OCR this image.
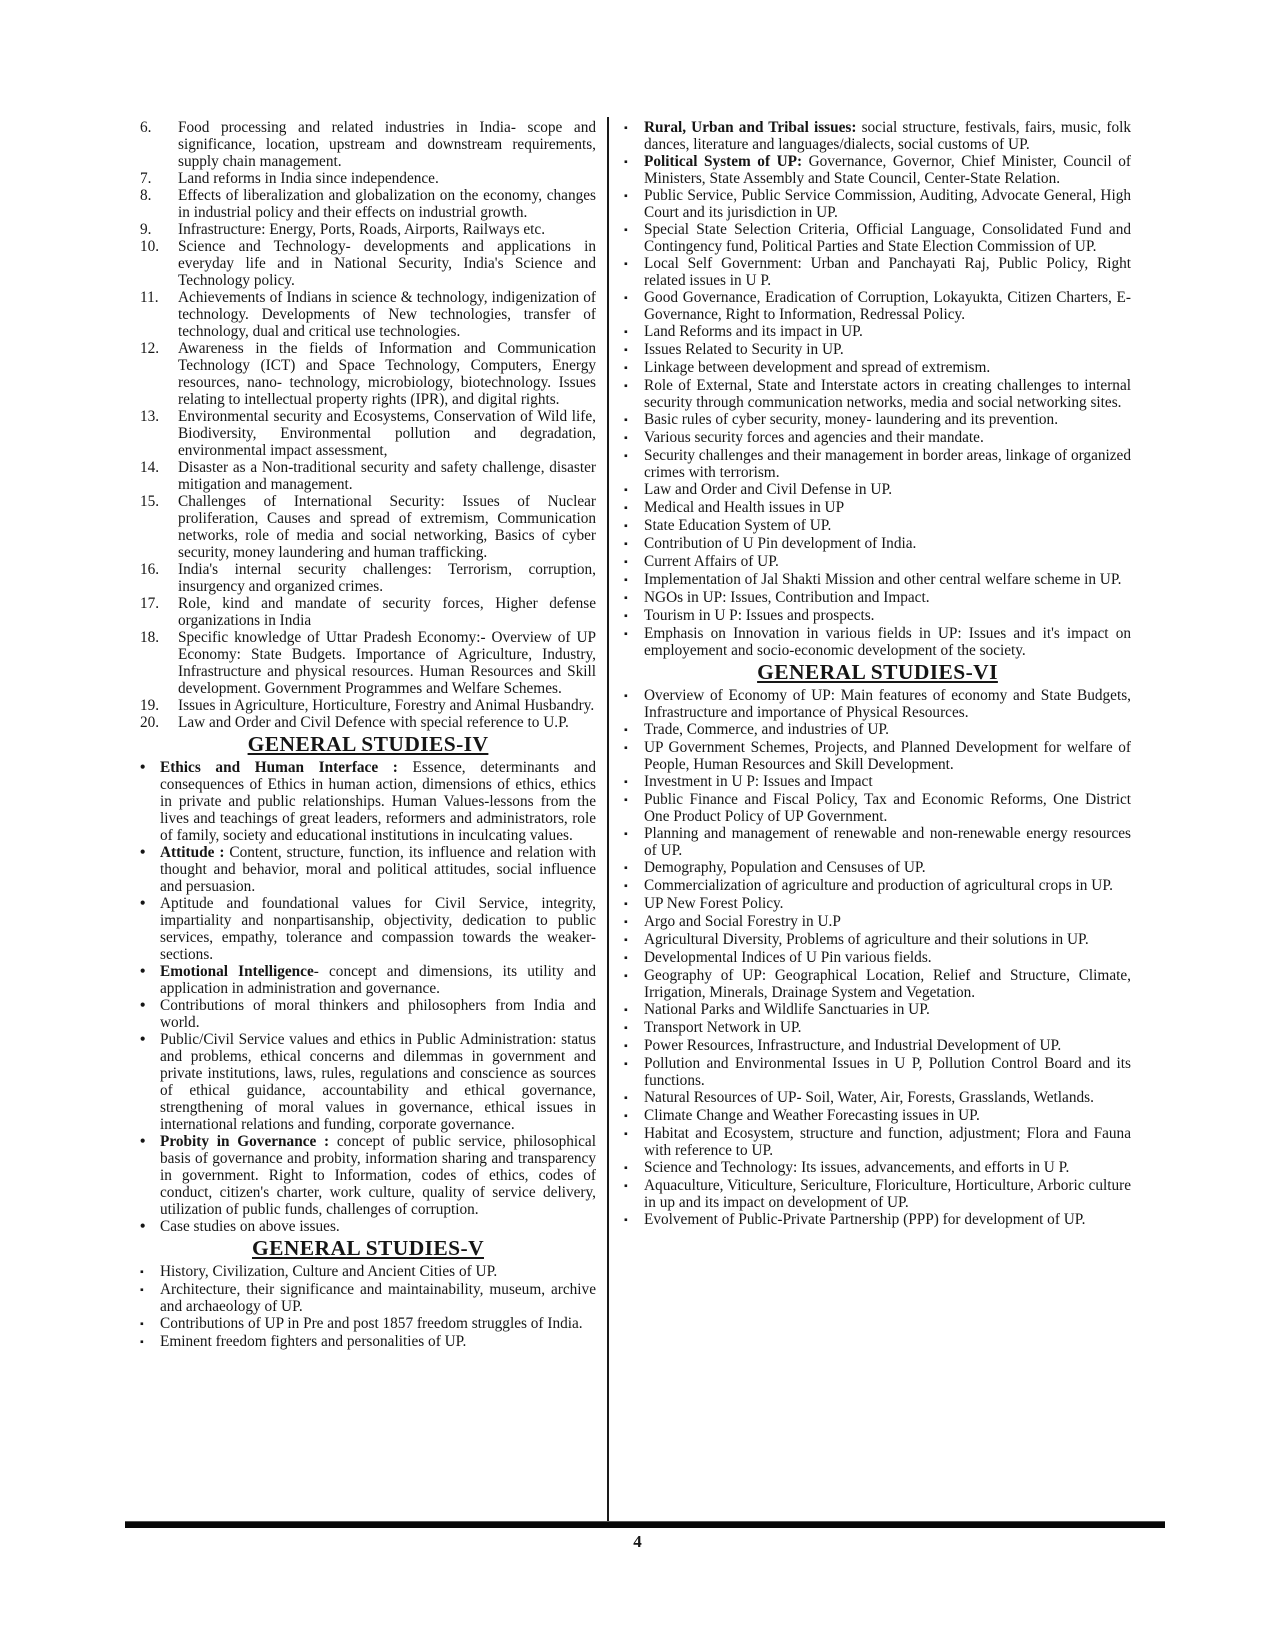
6.	Food processing and related industries in India- scope and significance, location, upstream and downstream requirements, supply chain management.
7.	Land reforms in India since independence.
8.	Effects of liberalization and globalization on the economy, changes in industrial policy and their effects on industrial growth.
9.	Infrastructure: Energy, Ports, Roads, Airports, Railways etc.
10.	Science and Technology- developments and applications in everyday life and in National Security, India's Science and Technology policy.
11.	Achievements of Indians in science & technology, indigenization of technology. Developments of New technologies, transfer of technology, dual and critical use technologies.
12.	Awareness in the fields of Information and Communication Technology (ICT) and Space Technology, Computers, Energy resources, nano- technology, microbiology, biotechnology. Issues relating to intellectual property rights (IPR), and digital rights.
13.	Environmental security and Ecosystems, Conservation of Wild life, Biodiversity, Environmental pollution and degradation, environmental impact assessment,
14.	Disaster as a Non-traditional security and safety challenge, disaster mitigation and management.
15.	Challenges of International Security: Issues of Nuclear proliferation, Causes and spread of extremism, Communication networks, role of media and social networking, Basics of cyber security, money laundering and human trafficking.
16.	India's internal security challenges: Terrorism, corruption, insurgency and organized crimes.
17.	Role, kind and mandate of security forces, Higher defense organizations in India
18.	Specific knowledge of Uttar Pradesh Economy:- Overview of UP Economy: State Budgets. Importance of Agriculture, Industry, Infrastructure and physical resources. Human Resources and Skill development. Government Programmes and Welfare Schemes.
19.	Issues in Agriculture, Horticulture, Forestry and Animal Husbandry.
20.	Law and Order and Civil Defence with special reference to U.P.
GENERAL STUDIES-IV
• Ethics and Human Interface : Essence, determinants and consequences of Ethics in human action, dimensions of ethics, ethics in private and public relationships. Human Values-lessons from the lives and teachings of great leaders, reformers and administrators, role of family, society and educational institutions in inculcating values.
• Attitude : Content, structure, function, its influence and relation with thought and behavior, moral and political attitudes, social influence and persuasion.
• Aptitude and foundational values for Civil Service, integrity, impartiality and nonpartisanship, objectivity, dedication to public services, empathy, tolerance and compassion towards the weaker-sections.
• Emotional Intelligence- concept and dimensions, its utility and application in administration and governance.
• Contributions of moral thinkers and philosophers from India and world.
• Public/Civil Service values and ethics in Public Administration: status and problems, ethical concerns and dilemmas in government and private institutions, laws, rules, regulations and conscience as sources of ethical guidance, accountability and ethical governance, strengthening of moral values in governance, ethical issues in international relations and funding, corporate governance.
• Probity in Governance : concept of public service, philosophical basis of governance and probity, information sharing and transparency in government. Right to Information, codes of ethics, codes of conduct, citizen's charter, work culture, quality of service delivery, utilization of public funds, challenges of corruption.
• Case studies on above issues.
GENERAL STUDIES-V
▪	History, Civilization, Culture and Ancient Cities of UP.
▪	Architecture, their significance and maintainability, museum, archive and archaeology of UP.
▪	Contributions of UP in Pre and post 1857 freedom struggles of India.
▪	Eminent freedom fighters and personalities of UP.
▪	Rural, Urban and Tribal issues: social structure, festivals, fairs, music, folk dances, literature and languages/dialects, social customs of UP.
▪	Political System of UP: Governance, Governor, Chief Minister, Council of Ministers, State Assembly and State Council, Center-State Relation.
▪	Public Service, Public Service Commission, Auditing, Advocate General, High Court and its jurisdiction in UP.
▪	Special State Selection Criteria, Official Language, Consolidated Fund and Contingency fund, Political Parties and State Election Commission of UP.
▪	Local Self Government: Urban and Panchayati Raj, Public Policy, Right related issues in U P.
▪	Good Governance, Eradication of Corruption, Lokayukta, Citizen Charters, E-Governance, Right to Information, Redressal Policy.
▪	Land Reforms and its impact in UP.
▪	Issues Related to Security in UP.
▪	Linkage between development and spread of extremism.
▪	Role of External, State and Interstate actors in creating challenges to internal security through communication networks, media and social networking sites.
▪	Basic rules of cyber security, money- laundering and its prevention.
▪	Various security forces and agencies and their mandate.
▪	Security challenges and their management in border areas, linkage of organized crimes with terrorism.
▪	Law and Order and Civil Defense in UP.
▪	Medical and Health issues in UP
▪	State Education System of UP.
▪	Contribution of U Pin development of India.
▪	Current Affairs of UP.
▪	Implementation of Jal Shakti Mission and other central welfare scheme in UP.
▪	NGOs in UP: Issues, Contribution and Impact.
▪	Tourism in U P: Issues and prospects.
▪	Emphasis on Innovation in various fields in UP: Issues and it's impact on employement and socio-economic development of the society.
GENERAL STUDIES-VI
▪	Overview of Economy of UP: Main features of economy and State Budgets, Infrastructure and importance of Physical Resources.
▪	Trade, Commerce, and industries of UP.
▪	UP Government Schemes, Projects, and Planned Development for welfare of People, Human Resources and Skill Development.
▪	Investment in U P: Issues and Impact
▪	Public Finance and Fiscal Policy, Tax and Economic Reforms, One District One Product Policy of UP Government.
▪	Planning and management of renewable and non-renewable energy resources of UP.
▪	Demography, Population and Censuses of UP.
▪	Commercialization of agriculture and production of agricultural crops in UP.
▪	UP New Forest Policy.
▪	Argo and Social Forestry in U.P
▪	Agricultural Diversity, Problems of agriculture and their solutions in UP.
▪	Developmental Indices of U Pin various fields.
▪	Geography of UP: Geographical Location, Relief and Structure, Climate, Irrigation, Minerals, Drainage System and Vegetation.
▪	National Parks and Wildlife Sanctuaries in UP.
▪	Transport Network in UP.
▪	Power Resources, Infrastructure, and Industrial Development of UP.
▪	Pollution and Environmental Issues in U P, Pollution Control Board and its functions.
▪	Natural Resources of UP- Soil, Water, Air, Forests, Grasslands, Wetlands.
▪	Climate Change and Weather Forecasting issues in UP.
▪	Habitat and Ecosystem, structure and function, adjustment; Flora and Fauna with reference to UP.
▪	Science and Technology: Its issues, advancements, and efforts in U P.
▪	Aquaculture, Viticulture, Sericulture, Floriculture, Horticulture, Arboric culture in up and its impact on development of UP.
▪	Evolvement of Public-Private Partnership (PPP) for development of UP.
4
